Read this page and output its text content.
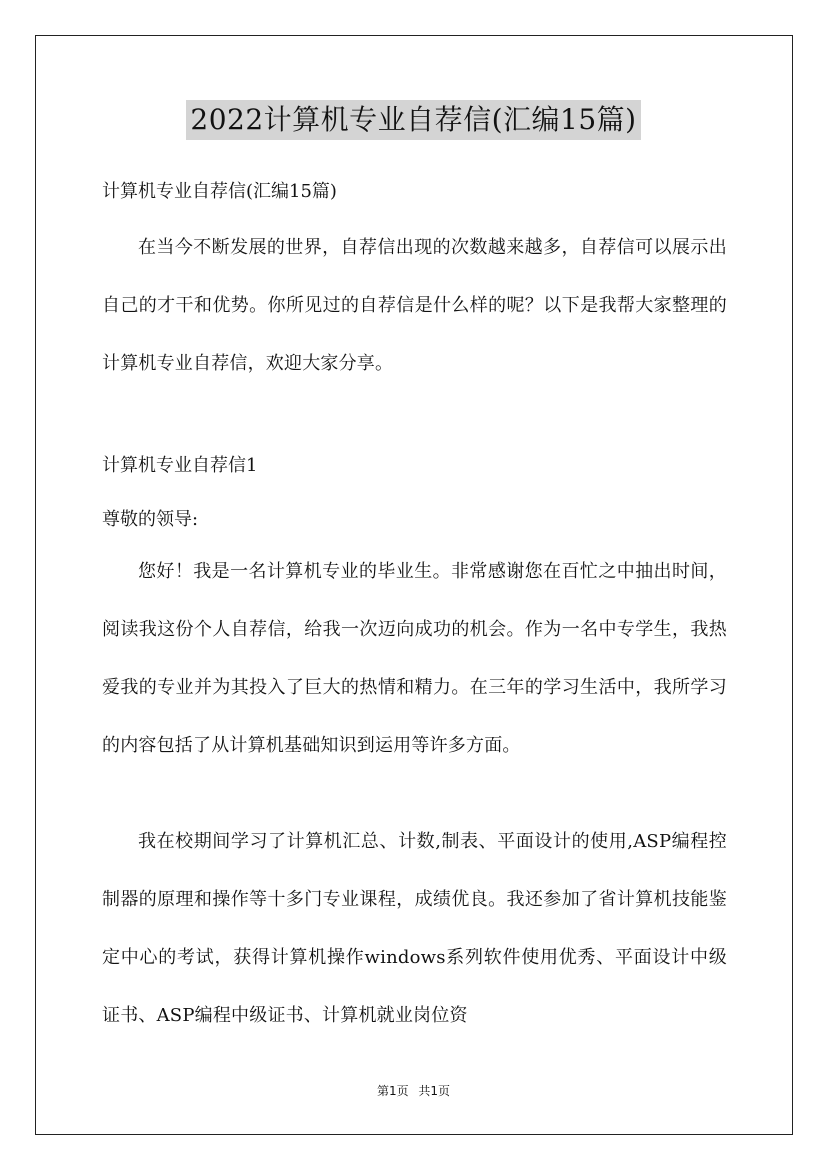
2022计算机专业自荐信(汇编15篇)

计算机专业自荐信(汇编15篇)

在当今不断发展的世界，自荐信出现的次数越来越多，自荐信可以展示出自己的才干和优势。你所见过的自荐信是什么样的呢？以下是我帮大家整理的计算机专业自荐信，欢迎大家分享。

计算机专业自荐信1

尊敬的领导:

您好！我是一名计算机专业的毕业生。非常感谢您在百忙之中抽出时间，阅读我这份个人自荐信，给我一次迈向成功的机会。作为一名中专学生，我热爱我的专业并为其投入了巨大的热情和精力。在三年的学习生活中，我所学习的内容包括了从计算机基础知识到运用等许多方面。

我在校期间学习了计算机汇总、计数,制表、平面设计的使用,ASP编程控制器的原理和操作等十多门专业课程，成绩优良。我还参加了省计算机技能鉴定中心的考试，获得计算机操作windows系列软件使用优秀、平面设计中级证书、ASP编程中级证书、计算机就业岗位资

第1页 共1页
